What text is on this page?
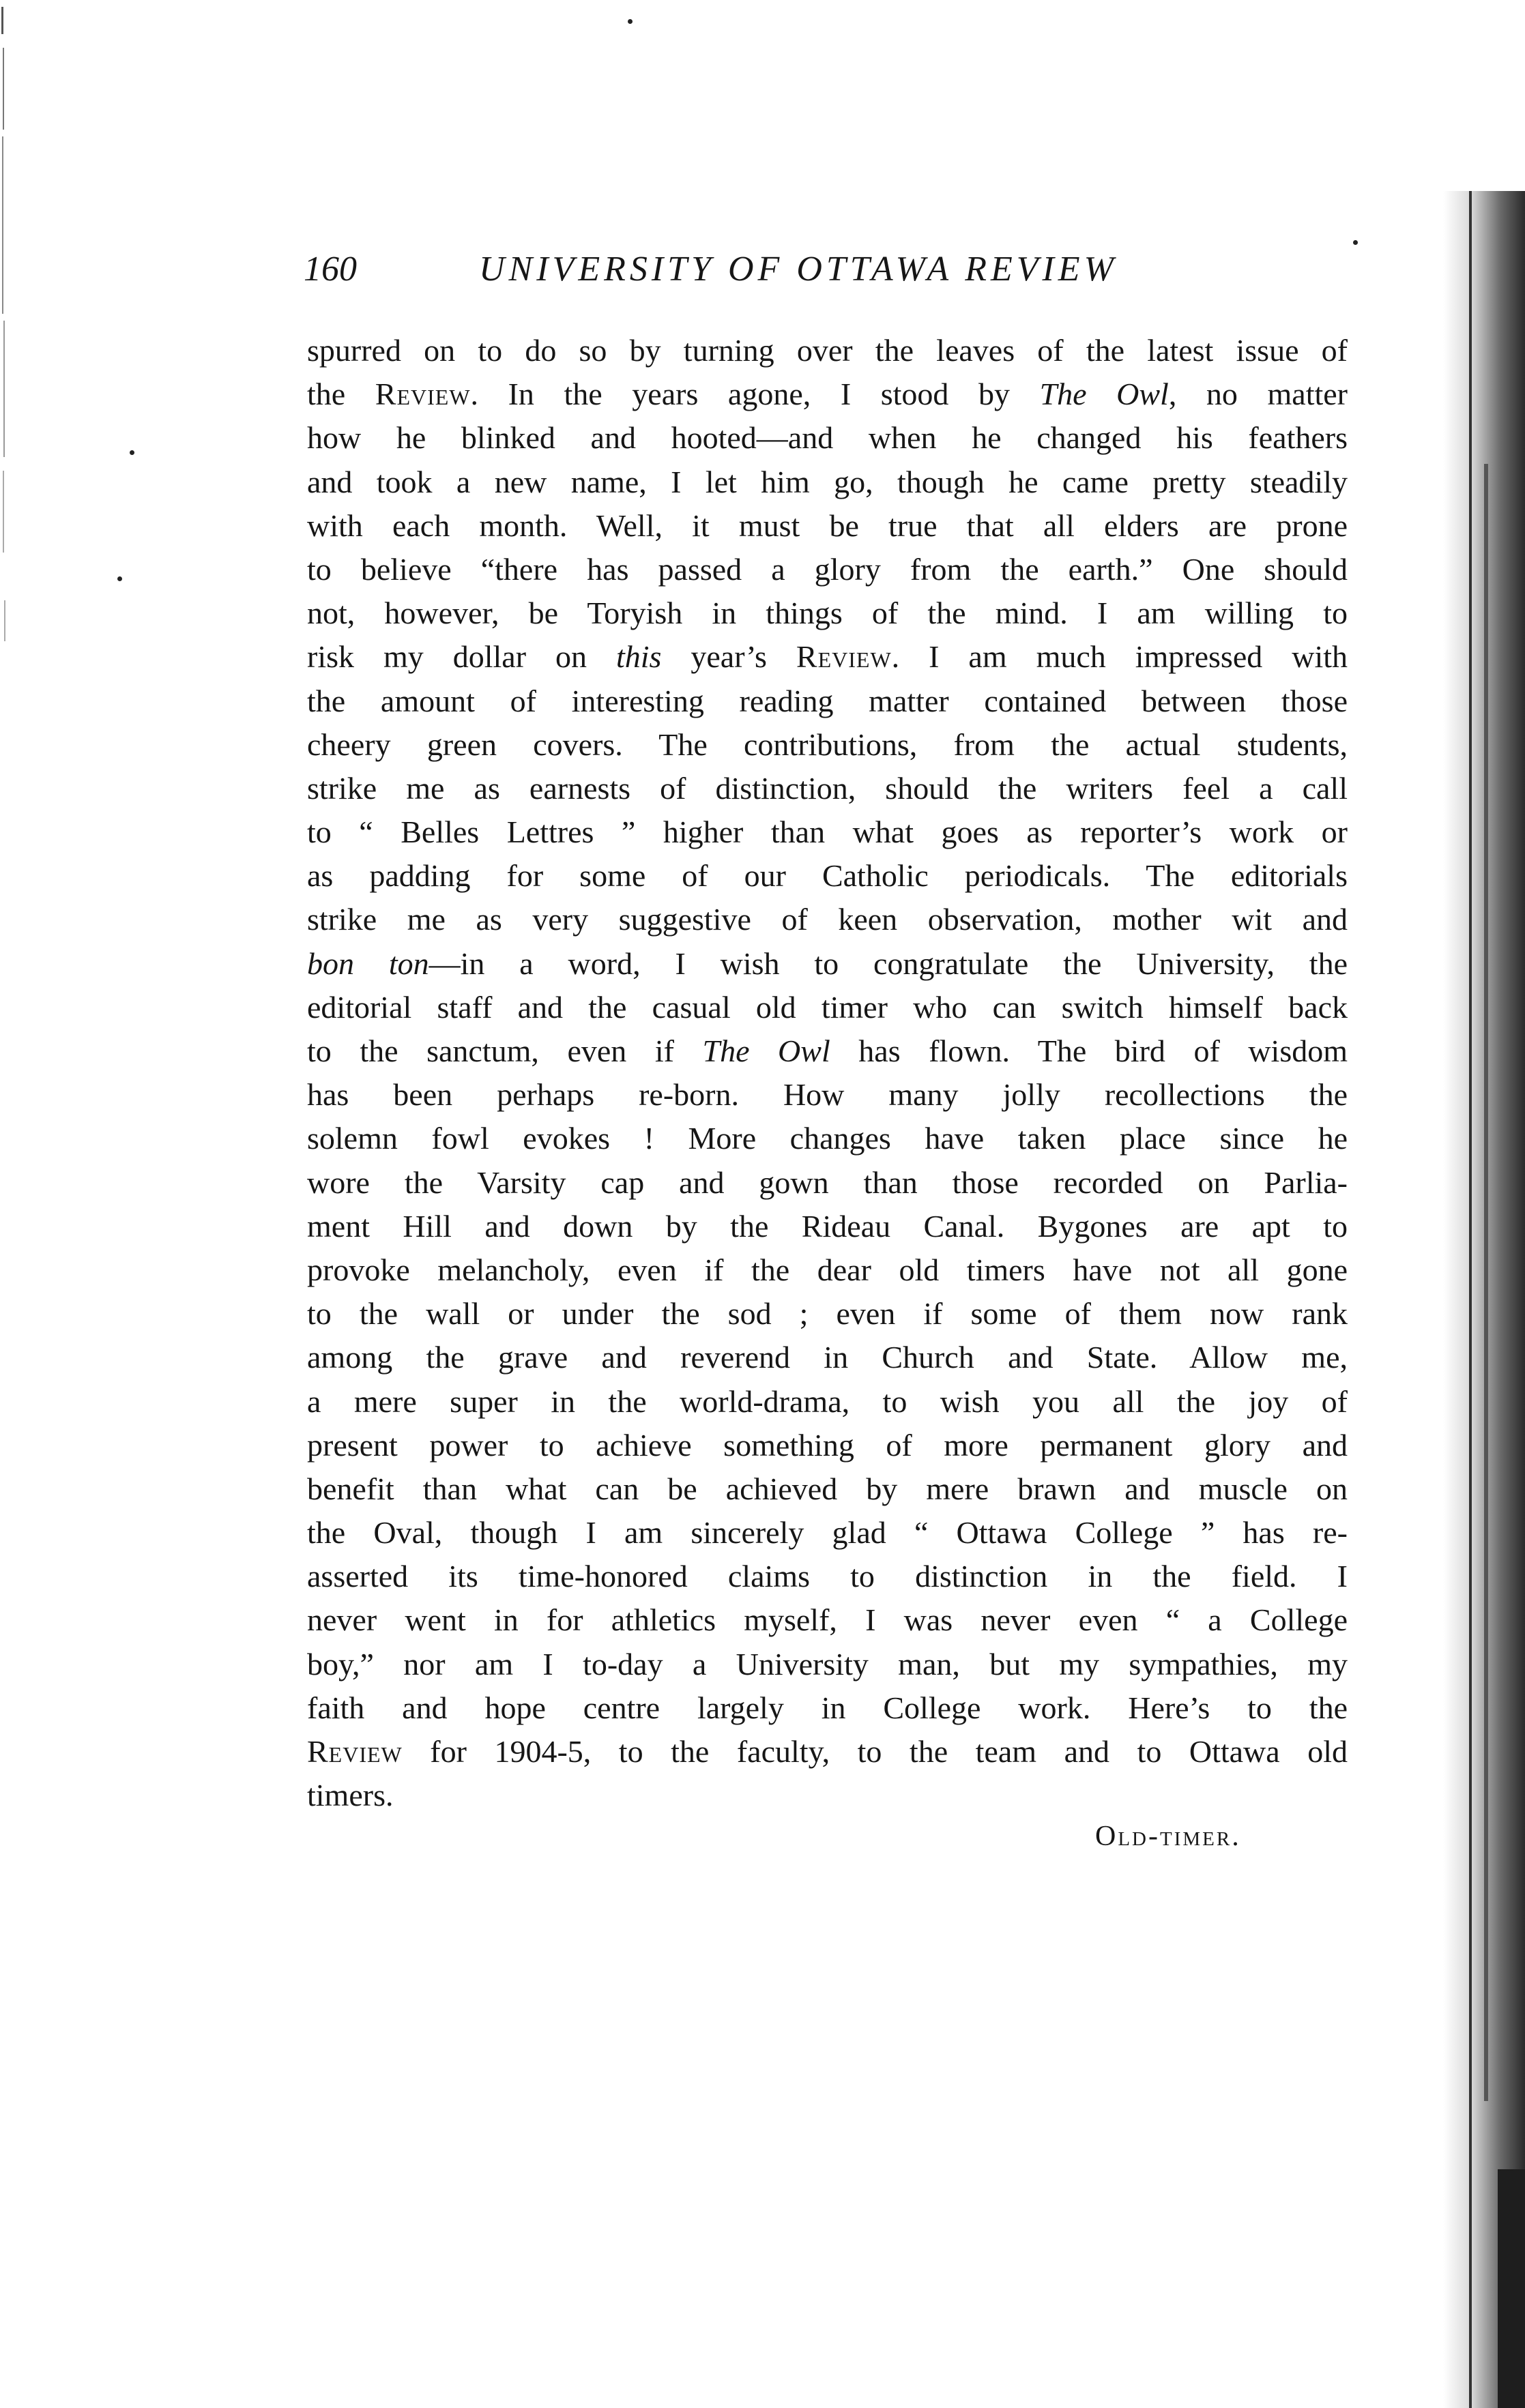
160	UNIVERSITY OF OTTAWA REVIEW
spurred on to do so by turning over the leaves of the latest issue of
the Review. In the years agone, I stood by The Owl, no matter
how he blinked and hooted—and when he changed his feathers
and took a new name, I let him go, though he came pretty steadily
with each month. Well, it must be true that all elders are prone
to believe “there has passed a glory from the earth.” One should
not, however, be Toryish in things of the mind. I am willing to
risk my dollar on this year’s Review. I am much impressed with
the amount of interesting reading matter contained between those
cheery green covers. The contributions, from the actual students,
strike me as earnests of distinction, should the writers feel a call
to “ Belles Lettres ” higher than what goes as reporter’s work or
as padding for some of our Catholic periodicals. The editorials
strike me as very suggestive of keen observation, mother wit and
bon ton—in a word, I wish to congratulate the University, the
editorial staff and the casual old timer who can switch himself back
to the sanctum, even if The Owl has flown. The bird of wisdom
has been perhaps re-born. How many jolly recollections the
solemn fowl evokes ! More changes have taken place since he
wore the Varsity cap and gown than those recorded on Parlia-
ment Hill and down by the Rideau Canal. Bygones are apt to
provoke melancholy, even if the dear old timers have not all gone
to the wall or under the sod ; even if some of them now rank
among the grave and reverend in Church and State. Allow me,
a mere super in the world-drama, to wish you all the joy of
present power to achieve something of more permanent glory and
benefit than what can be achieved by mere brawn and muscle on
the Oval, though I am sincerely glad “ Ottawa College ” has re-
asserted its time-honored claims to distinction in the field. I
never went in for athletics myself, I was never even “ a College
boy,” nor am I to-day a University man, but my sympathies, my
faith and hope centre largely in College work. Here’s to the
Review for 1904-5, to the faculty, to the team and to Ottawa old
timers.
Old-timer.
